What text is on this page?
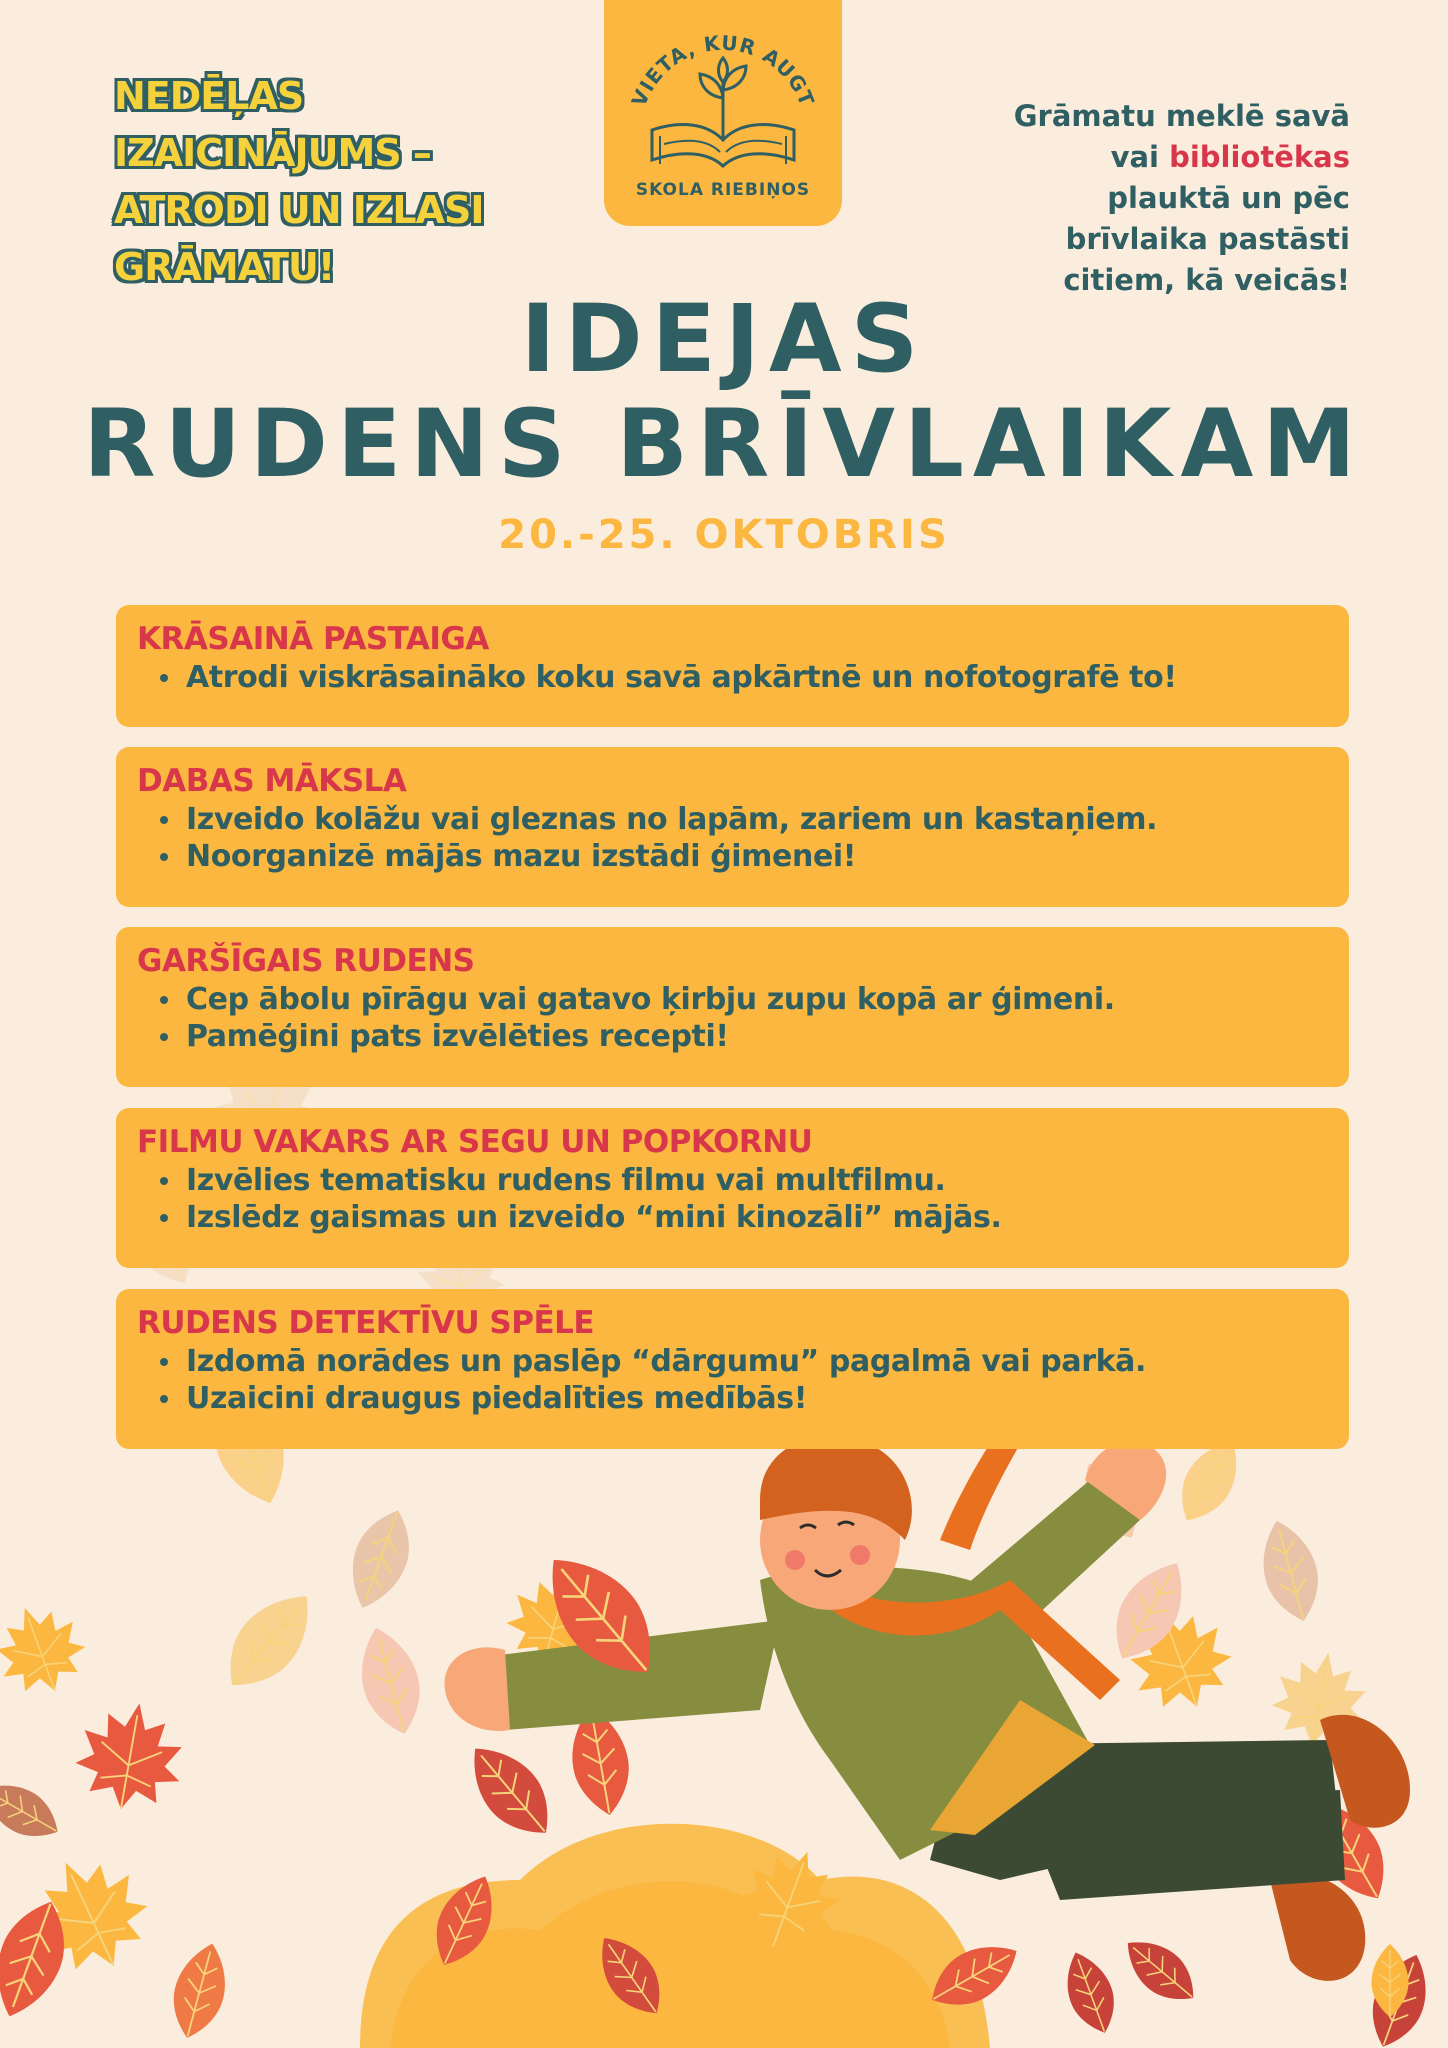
VIETA, KUR AUGT
SKOLA RIEBIŅOS
NEDĒĻAS
IZAICINĀJUMS –
ATRODI UN IZLASI
GRĀMATU!
Grāmatu meklē savā
vai bibliotēkas
plauktā un pēc
brīvlaika pastāsti
citiem, kā veicās!
IDEJAS
RUDENS BRĪVLAIKAM
20.-25. OKTOBRIS
KRĀSAINĀ PASTAIGA
Atrodi viskrāsaināko koku savā apkārtnē un nofotografē to!
DABAS MĀKSLA
Izveido kolāžu vai gleznas no lapām, zariem un kastaņiem.
Noorganizē mājās mazu izstādi ģimenei!
GARŠĪGAIS RUDENS
Cep ābolu pīrāgu vai gatavo ķirbju zupu kopā ar ģimeni.
Pamēģini pats izvēlēties recepti!
FILMU VAKARS AR SEGU UN POPKORNU
Izvēlies tematisku rudens filmu vai multfilmu.
Izslēdz gaismas un izveido “mini kinozāli” mājās.
RUDENS DETEKTĪVU SPĒLE
Izdomā norādes un paslēp “dārgumu” pagalmā vai parkā.
Uzaicini draugus piedalīties medībās!
